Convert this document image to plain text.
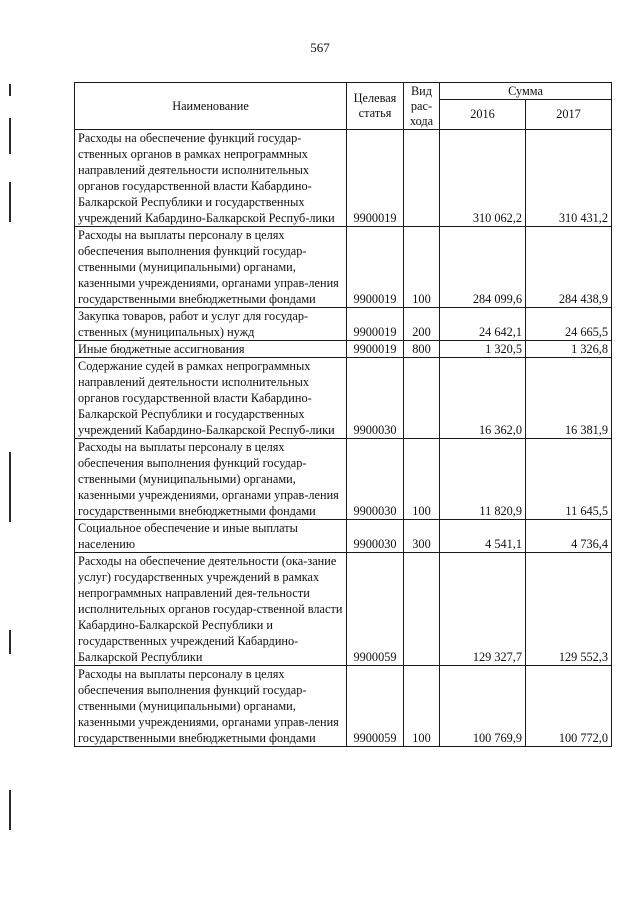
567
Наименование	Целевая статья	Вид рас-хода	Сумма	
			2016	2017
Расходы на обеспечение функций государ-ственных органов в рамках непрограммных направлений деятельности исполнительных органов государственной власти Кабардино-Балкарской Республики и государственных учреждений Кабардино-Балкарской Респуб-лики	9900019		310 062,2	310 431,2
Расходы на выплаты персоналу в целях обеспечения выполнения функций государ-ственными (муниципальными) органами, казенными учреждениями, органами управ-ления государственными внебюджетными фондами	9900019	100	284 099,6	284 438,9
Закупка товаров, работ и услуг для государ-ственных (муниципальных) нужд	9900019	200	24 642,1	24 665,5
Иные бюджетные ассигнования	9900019	800	1 320,5	1 326,8
Содержание судей в рамках непрограммных направлений деятельности исполнительных органов государственной власти Кабардино-Балкарской Республики и государственных учреждений Кабардино-Балкарской Респуб-лики	9900030		16 362,0	16 381,9
Расходы на выплаты персоналу в целях обеспечения выполнения функций государ-ственными (муниципальными) органами, казенными учреждениями, органами управ-ления государственными внебюджетными фондами	9900030	100	11 820,9	11 645,5
Социальное обеспечение и иные выплаты населению	9900030	300	4 541,1	4 736,4
Расходы на обеспечение деятельности (ока-зание услуг) государственных учреждений в рамках непрограммных направлений дея-тельности исполнительных органов государ-ственной власти Кабардино-Балкарской Республики и государственных учреждений Кабардино-Балкарской Республики	9900059		129 327,7	129 552,3
Расходы на выплаты персоналу в целях обеспечения выполнения функций государ-ственными (муниципальными) органами, казенными учреждениями, органами управ-ления государственными внебюджетными фондами	9900059	100	100 769,9	100 772,0
